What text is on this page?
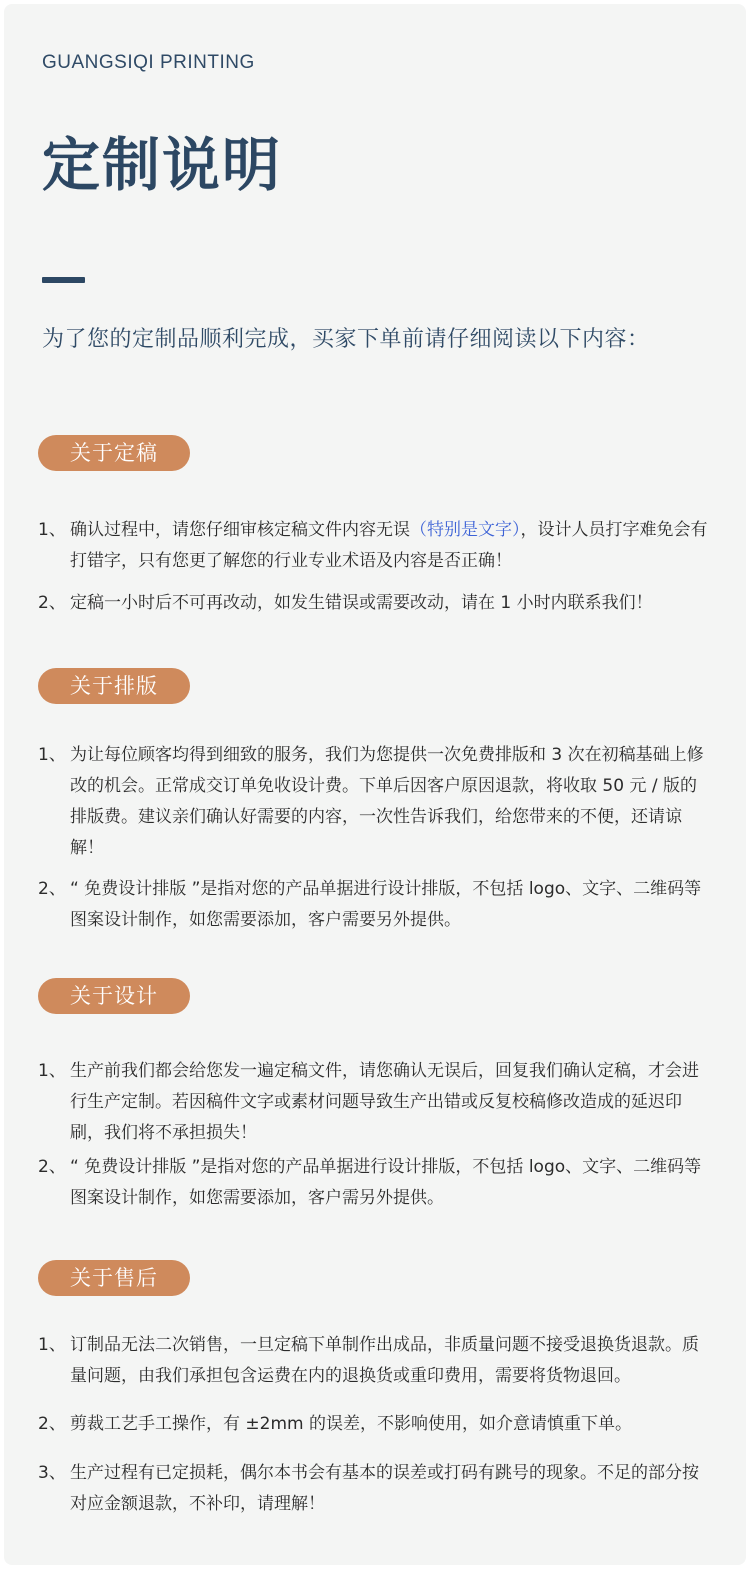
GUANGSIQI PRINTING
定制说明
为了您的定制品顺利完成，买家下单前请仔细阅读以下内容：
关于定稿
1、 确认过程中，请您仔细审核定稿文件内容无误（特别是文字），设计人员打字难免会有打错字，只有您更了解您的行业专业术语及内容是否正确！
2、 定稿一小时后不可再改动，如发生错误或需要改动，请在 1 小时内联系我们！
关于排版
1、 为让每位顾客均得到细致的服务，我们为您提供一次免费排版和 3 次在初稿基础上修改的机会。正常成交订单免收设计费。下单后因客户原因退款，将收取 50 元 / 版的排版费。建议亲们确认好需要的内容，一次性告诉我们，给您带来的不便，还请谅解！
2、 “ 免费设计排版 ”是指对您的产品单据进行设计排版，不包括 logo、文字、二维码等图案设计制作，如您需要添加，客户需要另外提供。
关于设计
1、 生产前我们都会给您发一遍定稿文件，请您确认无误后，回复我们确认定稿，才会进行生产定制。若因稿件文字或素材问题导致生产出错或反复校稿修改造成的延迟印刷，我们将不承担损失！
2、 “ 免费设计排版 ”是指对您的产品单据进行设计排版，不包括 logo、文字、二维码等图案设计制作，如您需要添加，客户需另外提供。
关于售后
1、 订制品无法二次销售，一旦定稿下单制作出成品，非质量问题不接受退换货退款。质量问题，由我们承担包含运费在内的退换货或重印费用，需要将货物退回。
2、 剪裁工艺手工操作，有 ±2mm 的误差，不影响使用，如介意请慎重下单。
3、 生产过程有已定损耗，偶尔本书会有基本的误差或打码有跳号的现象。不足的部分按对应金额退款，不补印，请理解！
